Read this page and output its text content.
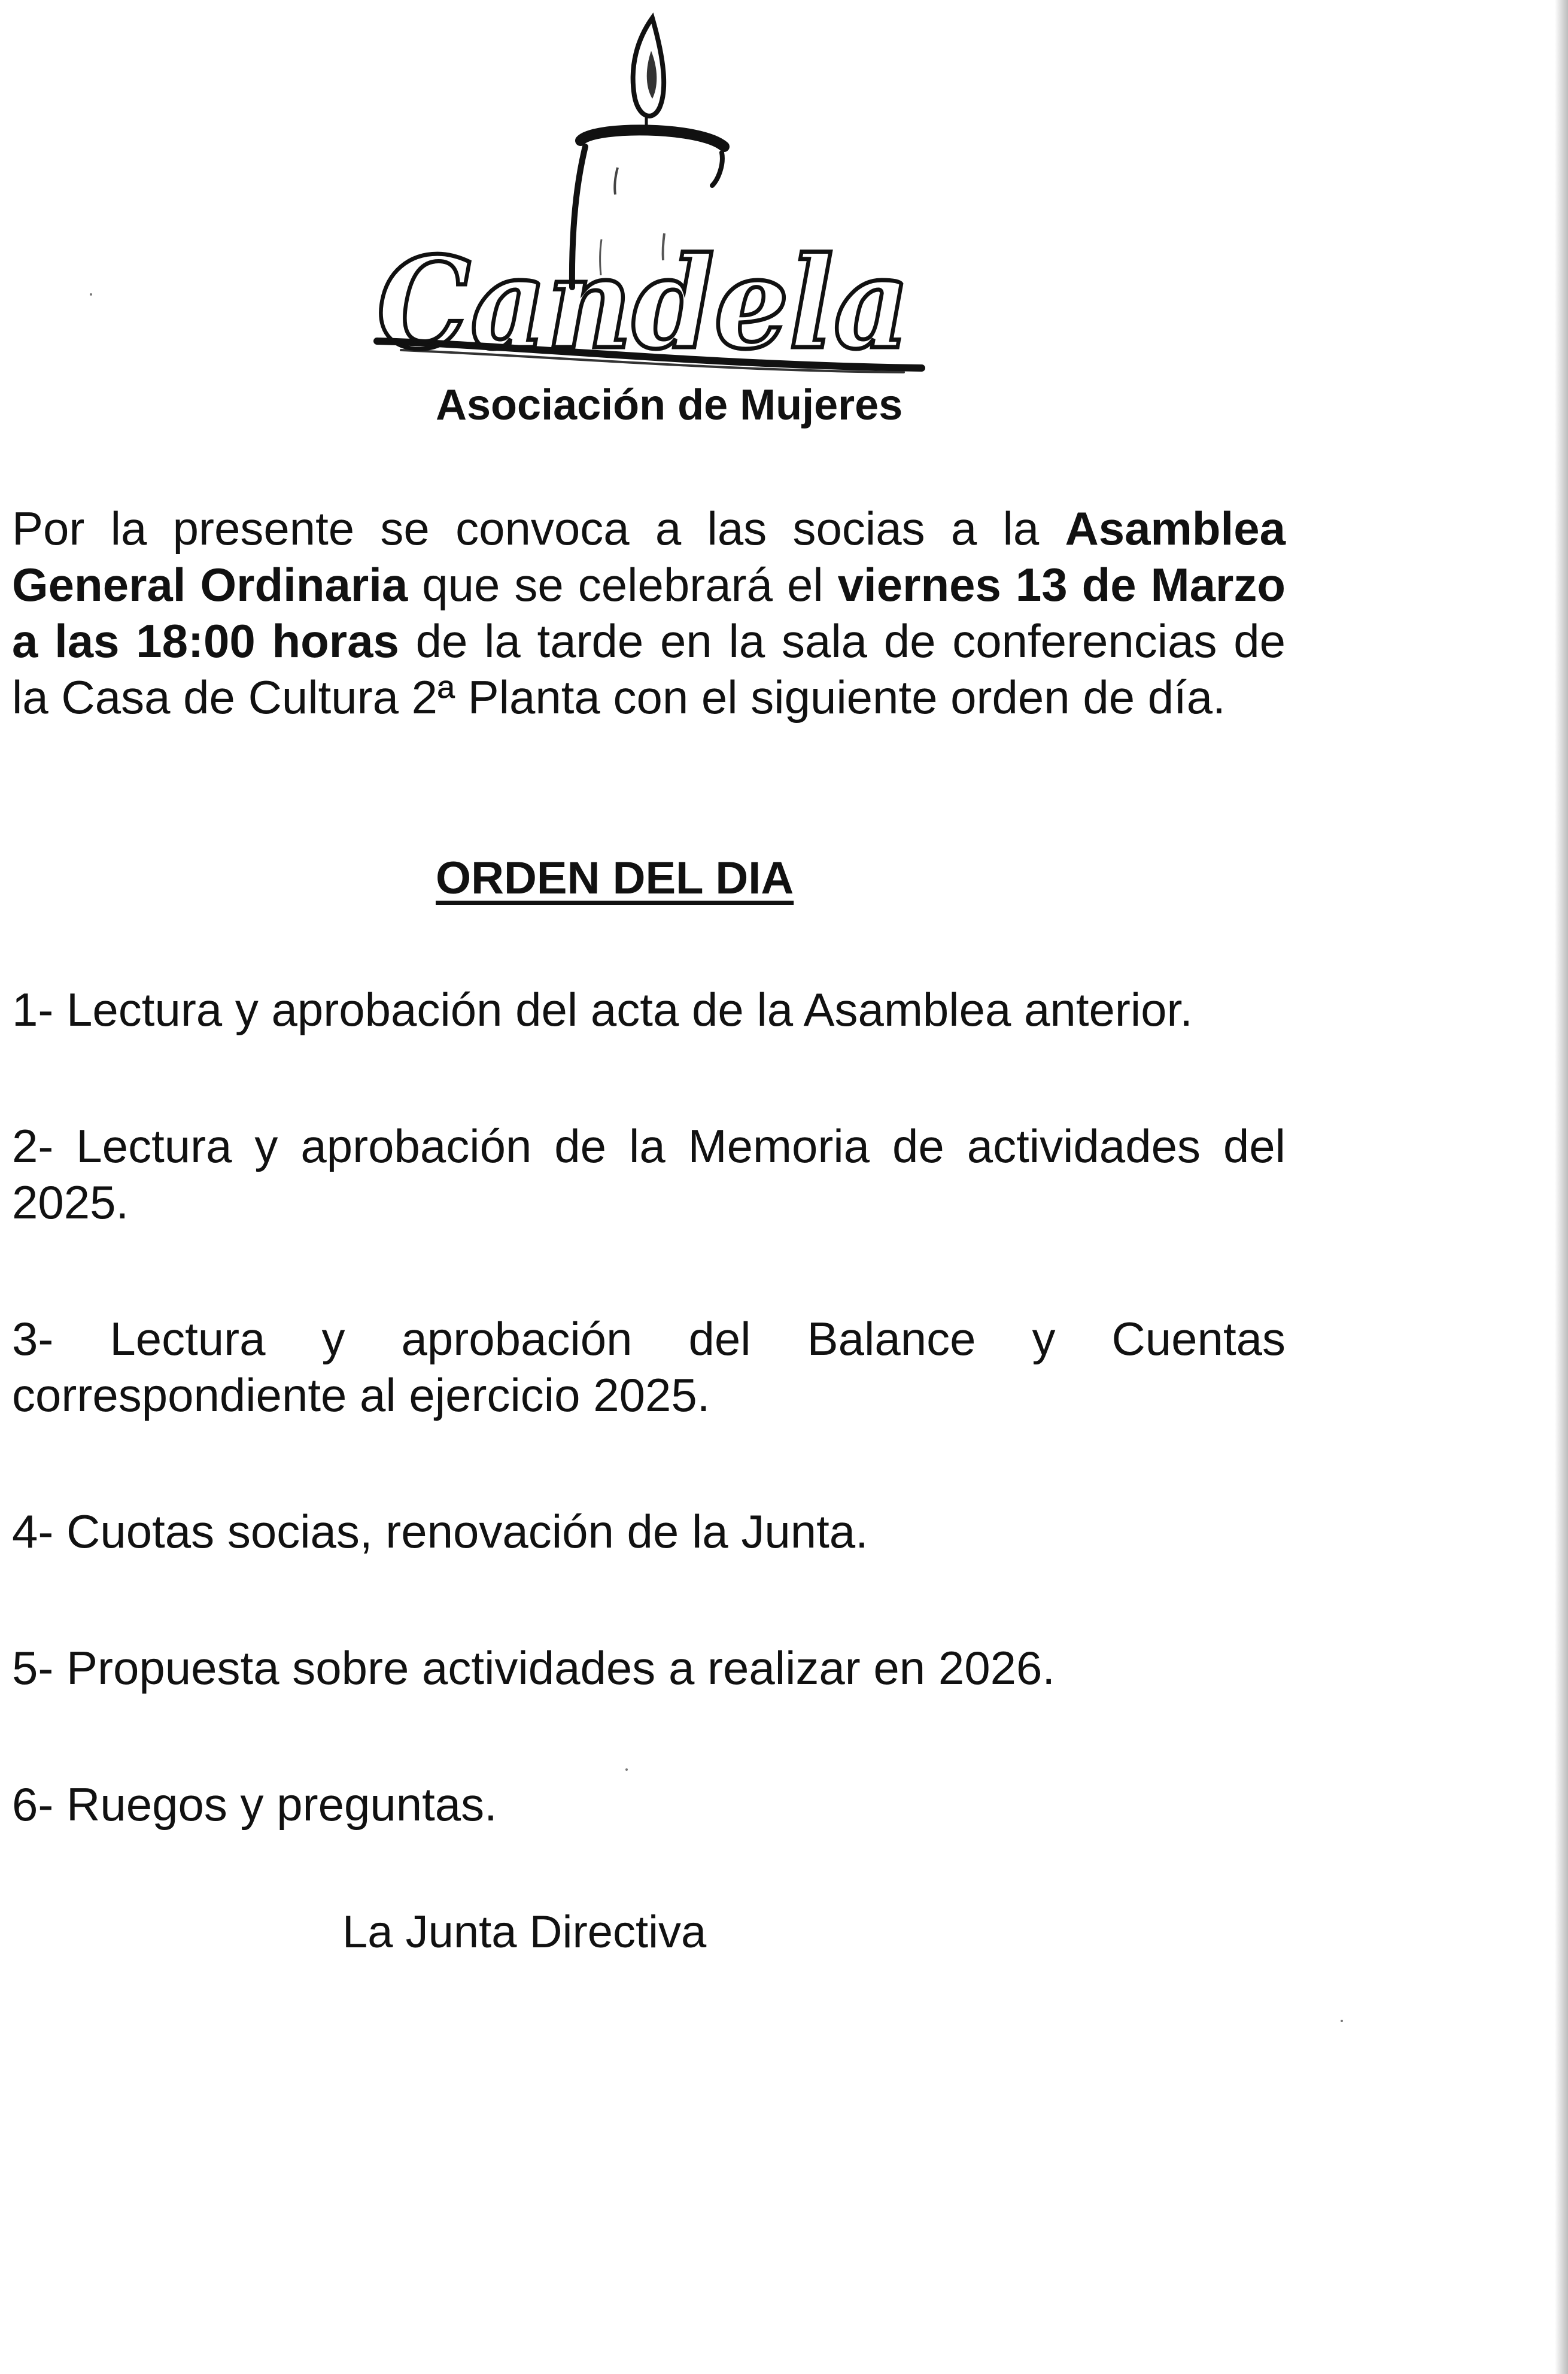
Candela
Asociación de Mujeres
Por la presente se convoca a las socias a la Asamblea General Ordinaria que se celebrará el viernes 13 de Marzo a las 18:00 horas de la tarde en la sala de conferencias de la Casa de Cultura 2ª Planta con el siguiente orden de día.
ORDEN DEL DIA

1- Lectura y aprobación del acta de la Asamblea anterior.

2- Lectura y aprobación de la Memoria de actividades del 2025.

3- Lectura y aprobación del Balance y Cuentas
correspondiente al ejercicio 2025.

4- Cuotas socias, renovación de la Junta.

5- Propuesta sobre actividades a realizar en 2026.

6- Ruegos y preguntas.

La Junta Directiva
